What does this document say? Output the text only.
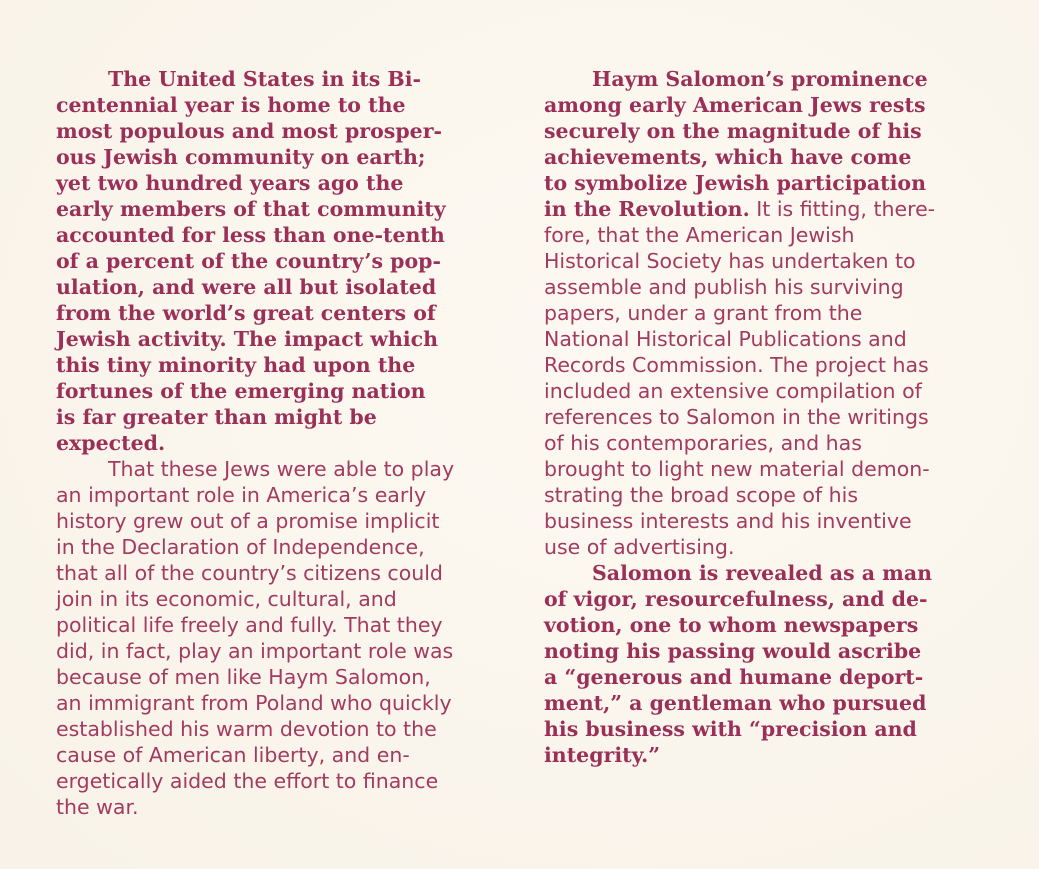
The United States in its Bi-
centennial year is home to the
most populous and most prosper-
ous Jewish community on earth;
yet two hundred years ago the
early members of that community
accounted for less than one-tenth
of a percent of the country’s pop-
ulation, and were all but isolated
from the world’s great centers of
Jewish activity. The impact which
this tiny minority had upon the
fortunes of the emerging nation
is far greater than might be
expected.
That these Jews were able to play
an important role in America’s early
history grew out of a promise implicit
in the Declaration of Independence,
that all of the country’s citizens could
join in its economic, cultural, and
political life freely and fully. That they
did, in fact, play an important role was
because of men like Haym Salomon,
an immigrant from Poland who quickly
established his warm devotion to the
cause of American liberty, and en-
ergetically aided the effort to finance
the war.
Haym Salomon’s prominence
among early American Jews rests
securely on the magnitude of his
achievements, which have come
to symbolize Jewish participation
in the Revolution. It is fitting, there-
fore, that the American Jewish
Historical Society has undertaken to
assemble and publish his surviving
papers, under a grant from the
National Historical Publications and
Records Commission. The project has
included an extensive compilation of
references to Salomon in the writings
of his contemporaries, and has
brought to light new material demon-
strating the broad scope of his
business interests and his inventive
use of advertising.
Salomon is revealed as a man
of vigor, resourcefulness, and de-
votion, one to whom newspapers
noting his passing would ascribe
a “generous and humane deport-
ment,” a gentleman who pursued
his business with “precision and
integrity.”
